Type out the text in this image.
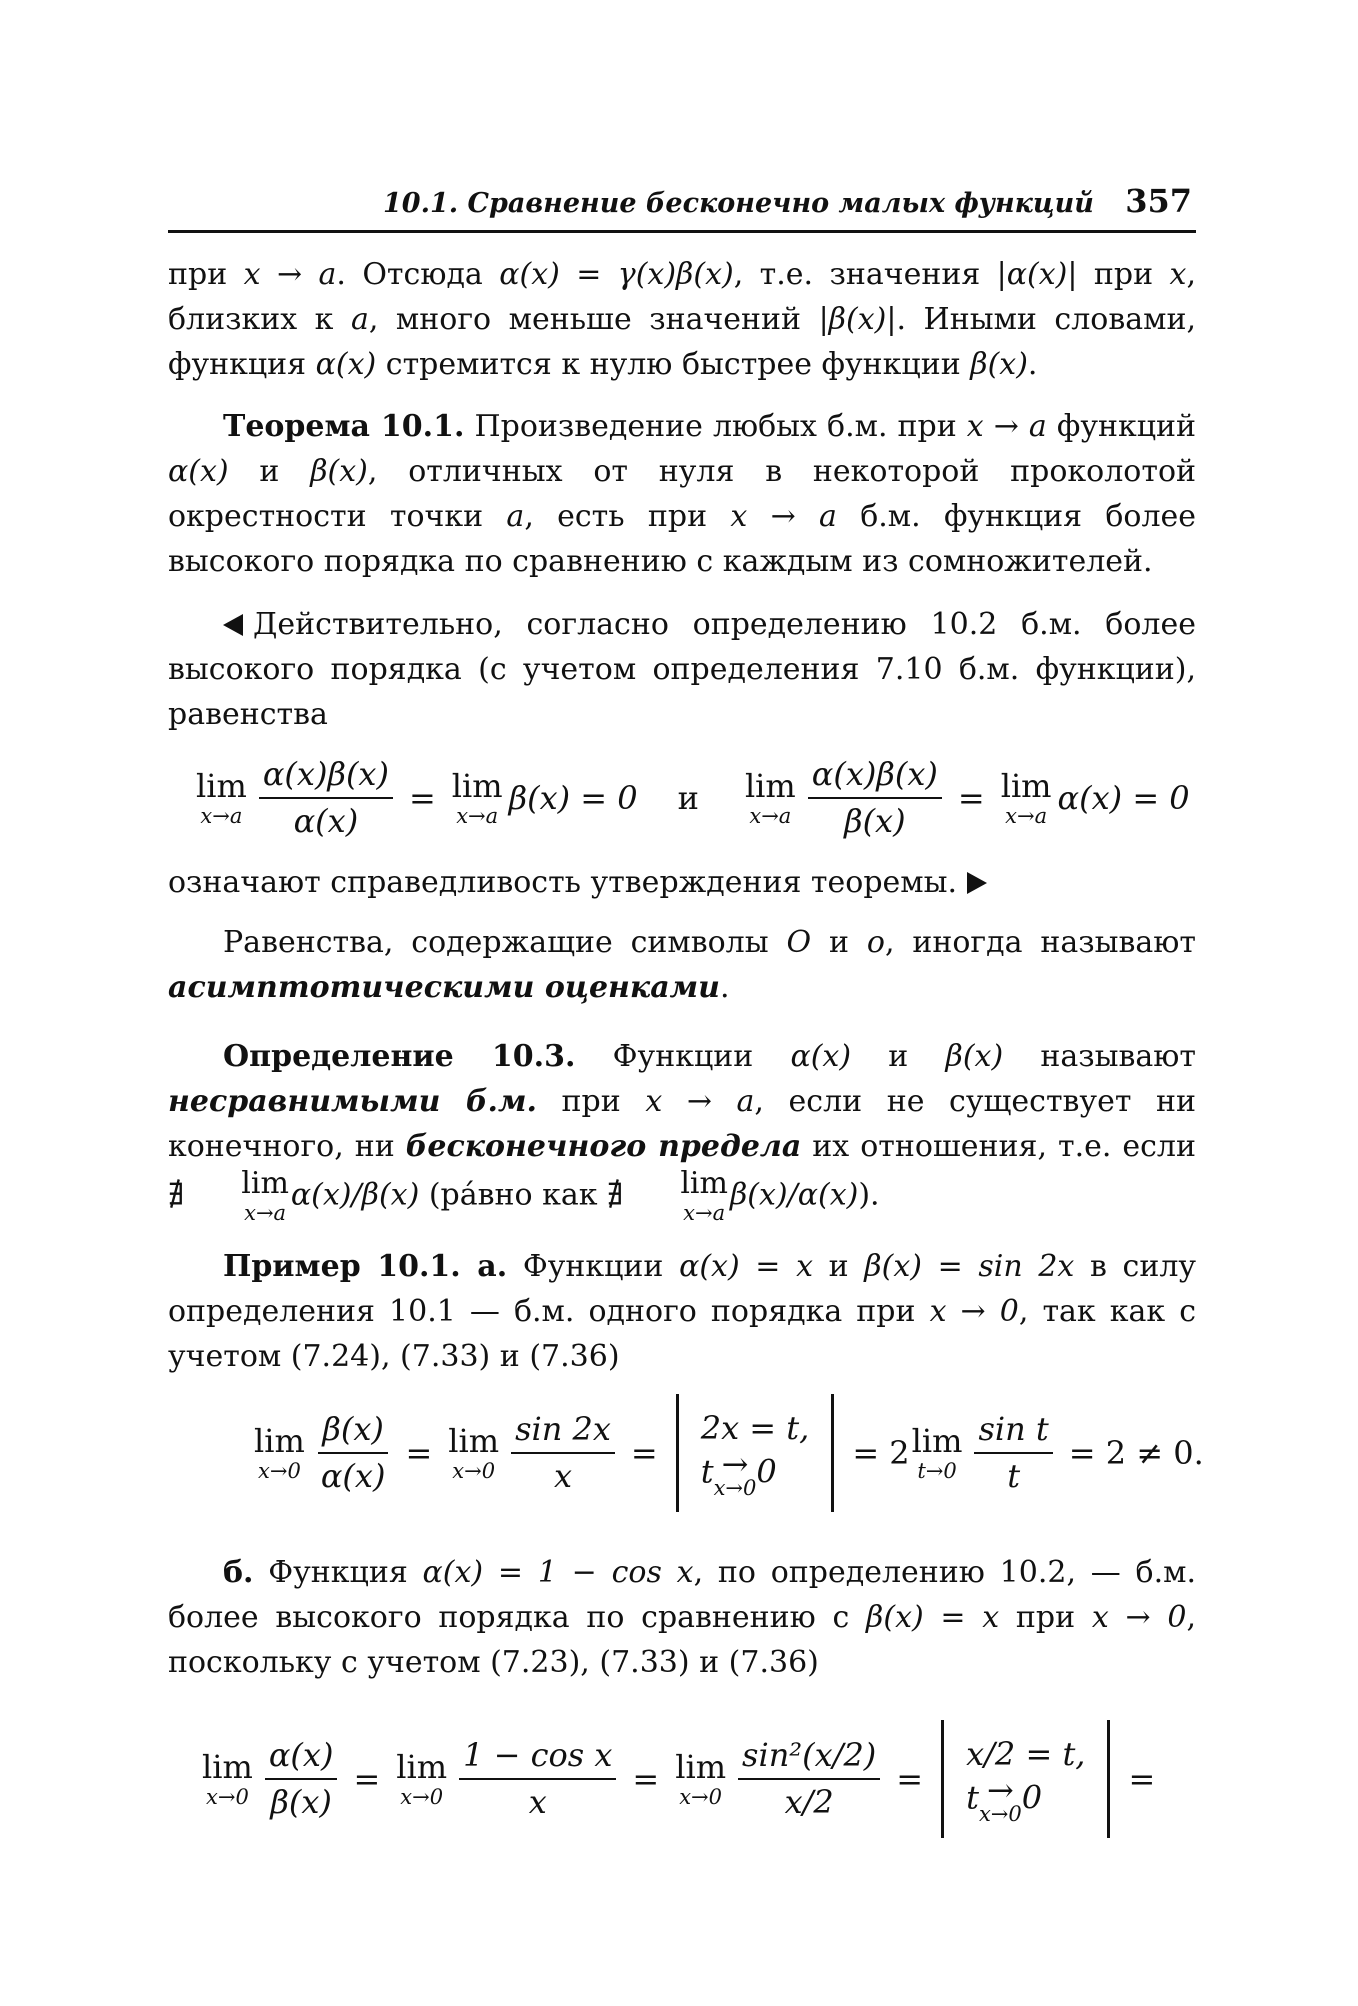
10.1. Сравнение бесконечно малых функций 357
при x → a. Отсюда α(x) = γ(x)β(x), т.е. значения |α(x)| при x, близких к a, много меньше значений |β(x)|. Иными словами, функция α(x) стремится к нулю быстрее функции β(x).
Теорема 10.1. Произведение любых б.м. при x → a функций α(x) и β(x), отличных от нуля в некоторой проколотой окрестности точки a, есть при x → a б.м. функция более высокого порядка по сравнению с каждым из сомножителей.
Действительно, согласно определению 10.2 б.м. более высокого порядка (с учетом определения 7.10 б.м. функции), равенства
lim
$x\to a \frac{\alpha(x)\beta(x)}{\alpha(x)} = \lim$
x→a β(x) = 0 и lim
$x\to a \frac{\alpha(x)\beta(x)}{\beta(x)} = \lim$
x→a α(x) = 0
означают справедливость утверждения теоремы.
Равенства, содержащие символы O и o, иногда называют асимптотическими оценками.
Определение 10.3. Функции α(x) и β(x) называют несравнимыми б.м. при x → a, если не существует ни конечного, ни бесконечного предела их отношения, т.е. если ∄	lim
x→a
α(x)/β(x) (рáвно как ∄	lim
x→a
β(x)/α(x)).
Пример 10.1. а. Функции α(x) = x и β(x) = sin 2x в силу определения 10.1 — б.м. одного порядка при x → 0, так как с учетом (7.24), (7.33) и (7.36)
lim
$x\to 0 \frac{\beta(x)}{\alpha(x)} = \lim$
$x\to 0 \frac{\sin 2x}{x}$ =
2x = t,
t →
x→0 0	= 2 lim
$t\to 0 \frac{\text{sin t}}{t} = 2 \ne 0$.
б. Функция α(x) = 1 − cos x, по определению 10.2, — б.м. более высокого порядка по сравнению с β(x) = x при x → 0, поскольку с учетом (7.23), (7.33) и (7.36)
lim
$x\to 0 \frac{\alpha(x)}{\beta(x)} = \lim$
$x\to 0 \frac{\text{1 − cos x}}{x} = \lim$
$x\to 0 \frac{\text{sin²(x/2)}}{x/2}$ =
x/2 = t,
t →
x→0 0	=
